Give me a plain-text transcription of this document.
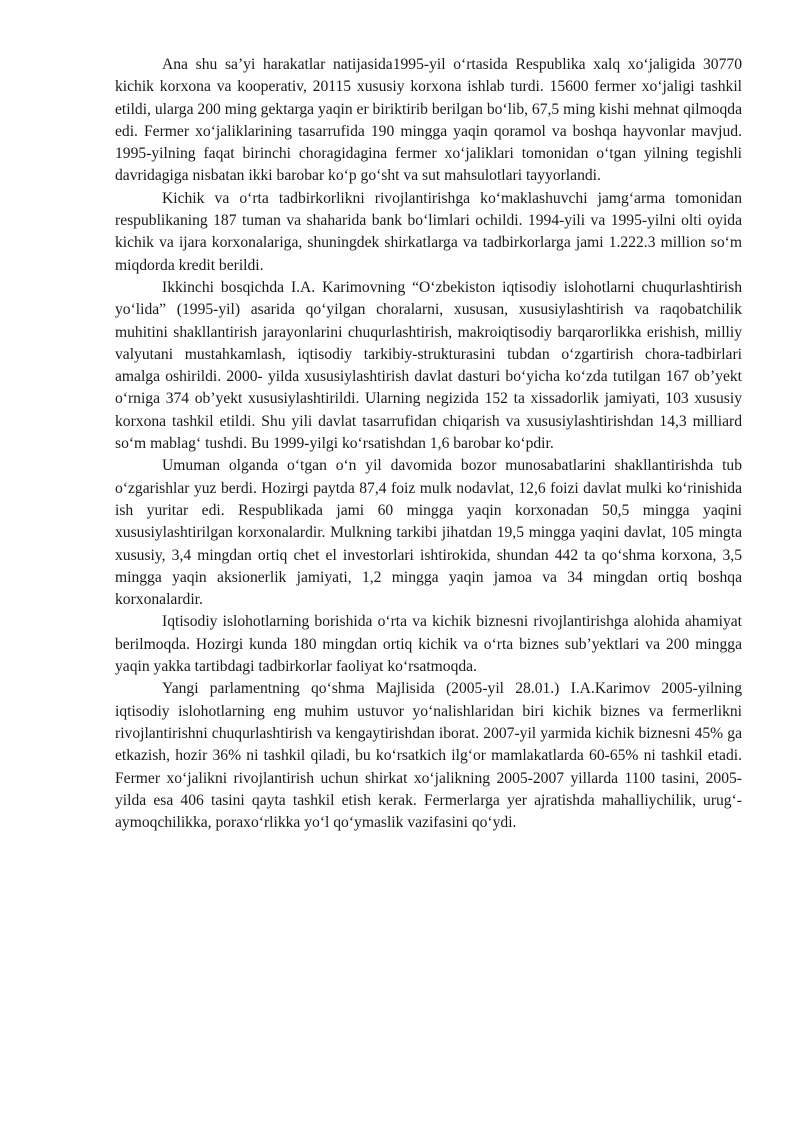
Ana shu sa’yi harakatlar natijasida1995-yil o‘rtasida Respublika xalq xo‘jaligida 30770 kichik korxona va kooperativ, 20115 xususiy korxona ishlab turdi. 15600 fermer xo‘jaligi tashkil etildi, ularga 200 ming gektarga yaqin er biriktirib berilgan bo‘lib, 67,5 ming kishi mehnat qilmoqda edi. Fermer xo‘jaliklarining tasarrufida 190 mingga yaqin qoramol va boshqa hayvonlar mavjud. 1995-yilning faqat birinchi choragidagina fermer xo‘jaliklari tomonidan o‘tgan yilning tegishli davridagiga nisbatan ikki barobar ko‘p go‘sht va sut mahsulotlari tayyorlandi.

Kichik va o‘rta tadbirkorlikni rivojlantirishga ko‘maklashuvchi jamg‘arma tomonidan respublikaning 187 tuman va shaharida bank bo‘limlari ochildi. 1994-yili va 1995-yilni olti oyida kichik va ijara korxonalariga, shuningdek shirkatlarga va tadbirkorlarga jami 1.222.3 million so‘m miqdorda kredit berildi.

Ikkinchi bosqichda I.A. Karimovning “O‘zbekiston iqtisodiy islohotlarni chuqurlashtirish yo‘lida” (1995-yil) asarida qo‘yilgan choralarni, xususan, xususiylashtirish va raqobatchilik muhitini shakllantirish jarayonlarini chuqurlashtirish, makroiqtisodiy barqarorlikka erishish, milliy valyutani mustahkamlash, iqtisodiy tarkibiy-strukturasini tubdan o‘zgartirish chora-tadbirlari amalga oshirildi. 2000- yilda xususiylashtirish davlat dasturi bo‘yicha ko‘zda tutilgan 167 ob’yekt o‘rniga 374 ob’yekt xususiylashtirildi. Ularning negizida 152 ta xissadorlik jamiyati, 103 xususiy korxona tashkil etildi. Shu yili davlat tasarrufidan chiqarish va xususiylashtirishdan 14,3 milliard so‘m mablag‘ tushdi. Bu 1999-yilgi ko‘rsatishdan 1,6 barobar ko‘pdir.

Umuman olganda o‘tgan o‘n yil davomida bozor munosabatlarini shakllantirishda tub o‘zgarishlar yuz berdi. Hozirgi paytda 87,4 foiz mulk nodavlat, 12,6 foizi davlat mulki ko‘rinishida ish yuritar edi. Respublikada jami 60 mingga yaqin korxonadan 50,5 mingga yaqini xususiylashtirilgan korxonalardir. Mulkning tarkibi jihatdan 19,5 mingga yaqini davlat, 105 mingta xususiy, 3,4 mingdan ortiq chet el investorlari ishtirokida, shundan 442 ta qo‘shma korxona, 3,5 mingga yaqin aksionerlik jamiyati, 1,2 mingga yaqin jamoa va 34 mingdan ortiq boshqa korxonalardir.

Iqtisodiy islohotlarning borishida o‘rta va kichik biznesni rivojlantirishga alohida ahamiyat berilmoqda. Hozirgi kunda 180 mingdan ortiq kichik va o‘rta biznes sub’yektlari va 200 mingga yaqin yakka tartibdagi tadbirkorlar faoliyat ko‘rsatmoqda.

Yangi parlamentning qo‘shma Majlisida (2005-yil 28.01.) I.A.Karimov 2005-yilning iqtisodiy islohotlarning eng muhim ustuvor yo‘nalishlaridan biri kichik biznes va fermerlikni rivojlantirishni chuqurlashtirish va kengaytirishdan iborat. 2007-yil yarmida kichik biznesni 45% ga etkazish, hozir 36% ni tashkil qiladi, bu ko‘rsatkich ilg‘or mamlakatlarda 60-65% ni tashkil etadi. Fermer xo‘jalikni rivojlantirish uchun shirkat xo‘jalikning 2005-2007 yillarda 1100 tasini, 2005-yilda esa 406 tasini qayta tashkil etish kerak. Fermerlarga yer ajratishda mahalliychilik, urug‘-aymoqchilikka, poraxo‘rlikka yo‘l qo‘ymaslik vazifasini qo‘ydi.
